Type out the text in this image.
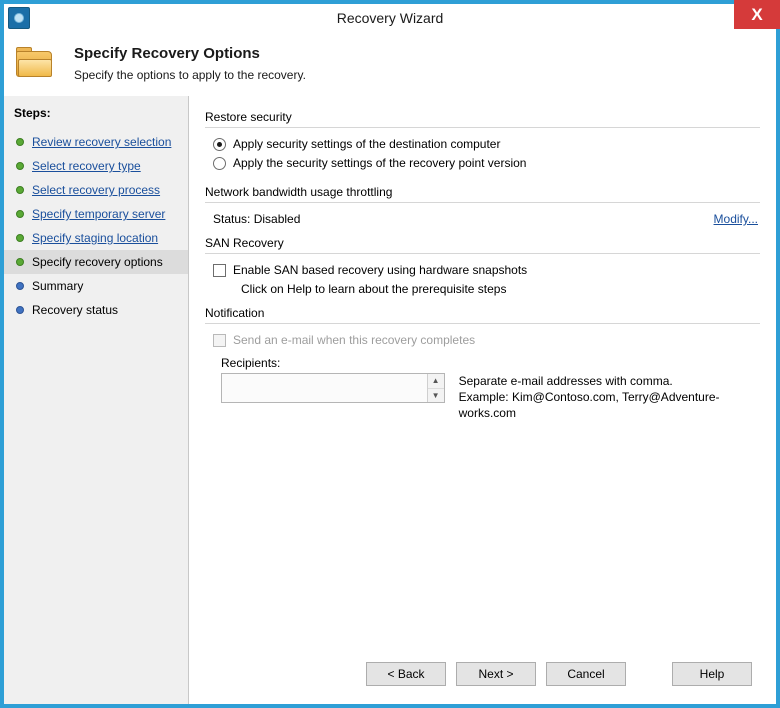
Recovery Wizard	X
Specify Recovery Options
Specify the options to apply to the recovery.
Steps:
Review recovery selection
Select recovery type
Select recovery process
Specify temporary server
Specify staging location
Specify recovery options
Summary
Recovery status
Restore security
Apply security settings of the destination computer
Apply the security settings of the recovery point version
Network bandwidth usage throttling
Status: Disabled	Modify...
SAN Recovery
Enable SAN based recovery using hardware snapshots
Click on Help to learn about the prerequisite steps
Notification
Send an e-mail when this recovery completes
Recipients:
▲
▼
Separate e-mail addresses with comma.
Example: Kim@Contoso.com, Terry@Adventure-works.com
< Back	Next >	Cancel	Help
